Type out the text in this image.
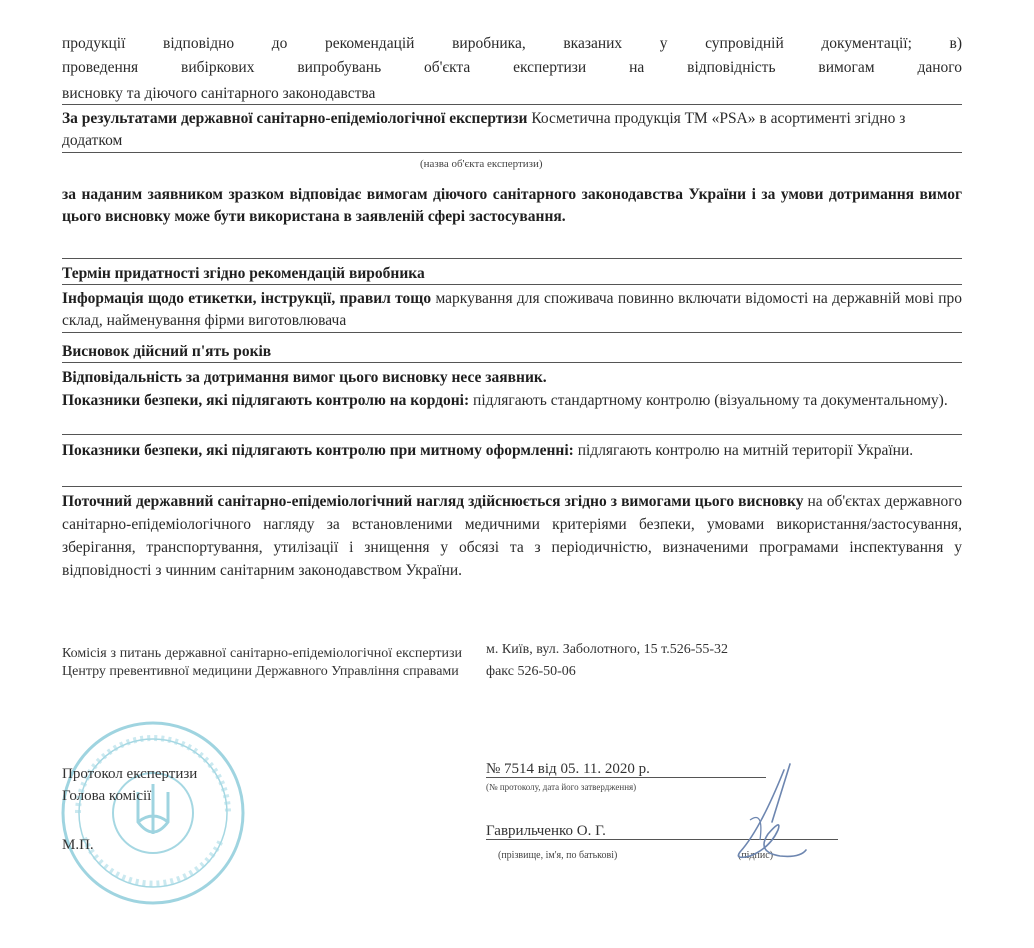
продукції відповідно до рекомендацій виробника, вказаних у супровідній документації; в)
проведення вибіркових випробувань об'єкта експертизи на відповідність вимогам даного
висновку та діючого санітарного законодавства
За результатами державної санітарно-епідеміологічної експертизи Косметична продукція ТМ «PSA» в асортименті згідно з додатком
(назва об'єкта експертизи)
за наданим заявником зразком відповідає вимогам діючого санітарного законодавства України і за умови дотримання вимог цього висновку може бути використана в заявленій сфері застосування.
Термін придатності згідно рекомендацій виробника
Інформація щодо етикетки, інструкції, правил тощо маркування для споживача повинно включати відомості на державній мові про склад, найменування фірми виготовлювача
Висновок дійсний п'ять років
Відповідальність за дотримання вимог цього висновку несе заявник.
Показники безпеки, які підлягають контролю на кордоні: підлягають стандартному контролю (візуальному та документальному).
Показники безпеки, які підлягають контролю при митному оформленні: підлягають контролю на митній території України.
Поточний державний санітарно-епідеміологічний нагляд здійснюється згідно з вимогами цього висновку на об'єктах державного санітарно-епідеміологічного нагляду за встановленими медичними критеріями безпеки, умовами використання/застосування, зберігання, транспортування, утилізації і знищення у обсязі та з періодичністю, визначеними програмами інспектування у відповідності з чинним санітарним законодавством України.
Комісія з питань державної санітарно-епідеміологічної експертизи Центру превентивної медицини Державного Управління справами
м. Київ, вул. Заболотного, 15 т.526-55-32
факс 526-50-06
Протокол експертизи
Голова комісії
М.П.
№ 7514 від 05. 11. 2020 р.
(№ протоколу, дата його затвердження)
Гаврильченко О. Г.
(прізвище, ім'я, по батькові)	(підпис)
